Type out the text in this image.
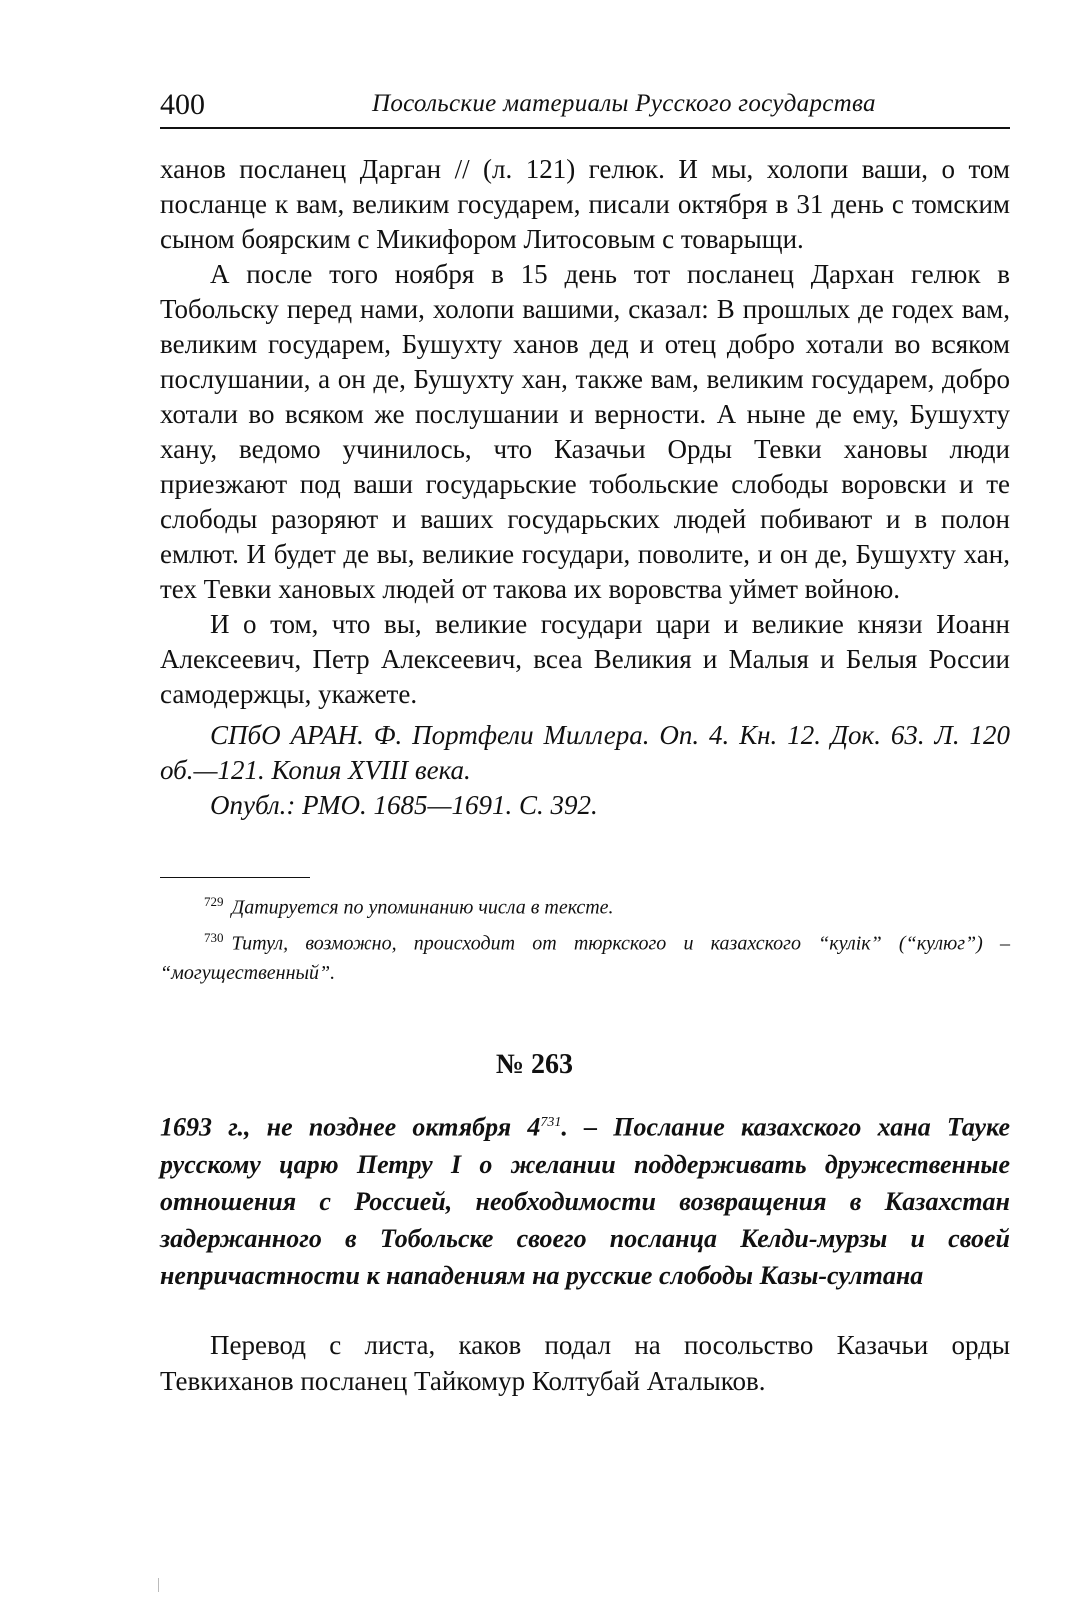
400	Посольские материалы Русского государства

ханов посланец Дарган // (л. 121) гелюк. И мы, холопи ваши, о том посланце к вам, великим государем, писали октября в 31 день с томским сыном боярским с Микифором Литосовым с товарыщи.

А после того ноября в 15 день тот посланец Дархан гелюк в Тобольску перед нами, холопи вашими, сказал: В прошлых де годех вам, великим государем, Бушухту ханов дед и отец добро хотали во всяком послушании, а он де, Бушухту хан, также вам, великим государем, добро хотали во всяком же послушании и верности. А ныне де ему, Бушухту хану, ведомо учинилось, что Казачьи Орды Тевки хановы люди приезжают под ваши государьские тобольские слободы воровски и те слободы разоряют и ваших государьских людей побивают и в полон емлют. И будет де вы, великие государи, поволите, и он де, Бушухту хан, тех Тевки хановых людей от такова их воровства уймет войною.

И о том, что вы, великие государи цари и великие князи Иоанн Алексеевич, Петр Алексеевич, всеа Великия и Малыя и Белыя России самодержцы, укажете.

СПбО АРАН. Ф. Портфели Миллера. Оп. 4. Кн. 12. Док. 63. Л. 120 об.—121. Копия XVIII века.

Опубл.: РМО. 1685—1691. С. 392.

$^{729}$ Датируется по упоминанию числа в тексте.

$^{730}$ Титул, возможно, происходит от тюркского и казахского “кулiк” (“кулюг”) – “могущественный”.

№ 263
1693 г., не позднее октября $4^{731}$. – Послание казахского хана Тауке русскому царю Петру I о желании поддерживать дружественные отношения с Россией, необходимости возвращения в Казахстан задержанного в Тобольске своего посланца Келди-мурзы и своей непричастности к нападениям на русские слободы Казы-султана

Перевод с листа, каков подал на посольство Казачьи орды Тевкиханов посланец Тайкомур Колтубай Аталыков.
